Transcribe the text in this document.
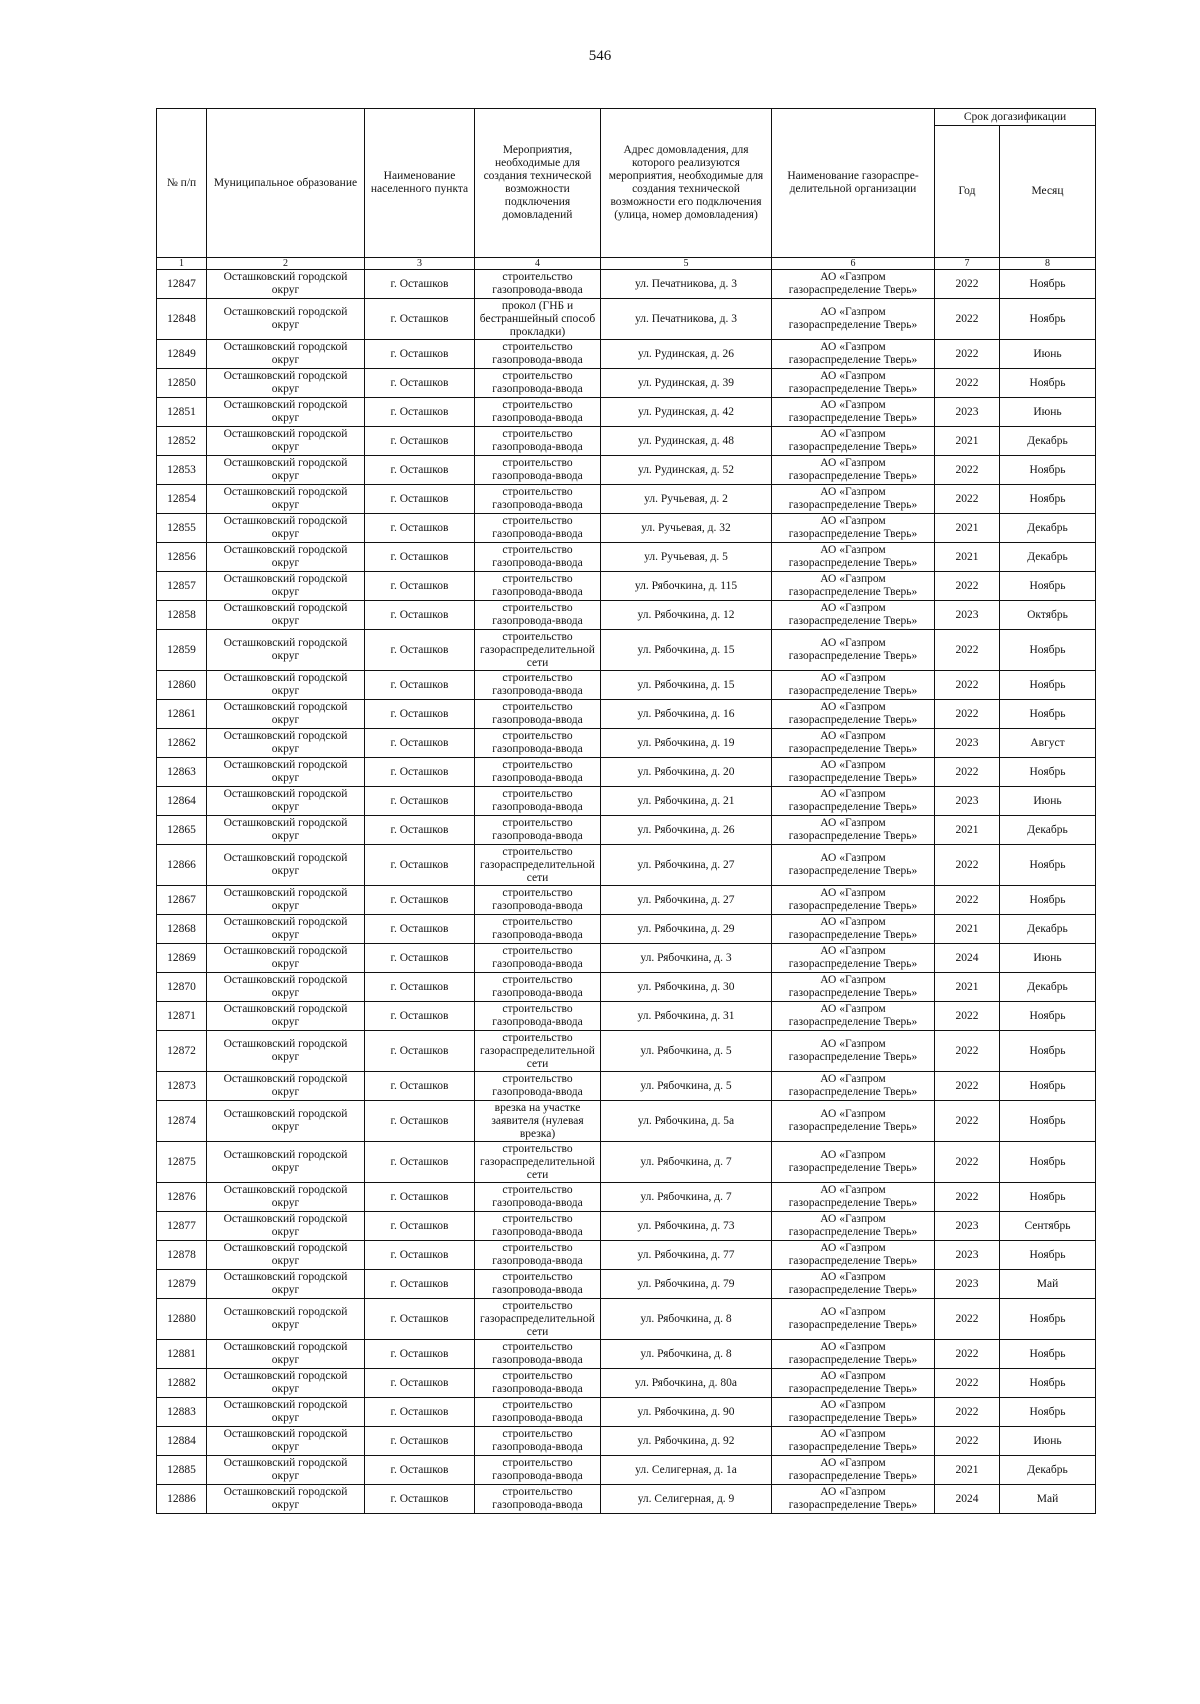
546
№ п/п	Муниципальное образование	Наименование населенного пункта	Мероприятия, необходимые для создания технической возможности подключения домовладений	Адрес домовладения, для которого реализуются мероприятия, необходимые для создания технической возможности его подключения (улица, номер домовладения)	Наименование газораспре-делительной организации	Срок догазификации	
						Год	Месяц
1	2	3	4	5	6	7	8
12847	Осташковский городской округ	г. Осташков	строительство газопровода-ввода	ул. Печатникова, д. 3	АО «Газпром газораспределение Тверь»	2022	Ноябрь
12848	Осташковский городской округ	г. Осташков	прокол (ГНБ и бестраншейный способ прокладки)	ул. Печатникова, д. 3	АО «Газпром газораспределение Тверь»	2022	Ноябрь
12849	Осташковский городской округ	г. Осташков	строительство газопровода-ввода	ул. Рудинская, д. 26	АО «Газпром газораспределение Тверь»	2022	Июнь
12850	Осташковский городской округ	г. Осташков	строительство газопровода-ввода	ул. Рудинская, д. 39	АО «Газпром газораспределение Тверь»	2022	Ноябрь
12851	Осташковский городской округ	г. Осташков	строительство газопровода-ввода	ул. Рудинская, д. 42	АО «Газпром газораспределение Тверь»	2023	Июнь
12852	Осташковский городской округ	г. Осташков	строительство газопровода-ввода	ул. Рудинская, д. 48	АО «Газпром газораспределение Тверь»	2021	Декабрь
12853	Осташковский городской округ	г. Осташков	строительство газопровода-ввода	ул. Рудинская, д. 52	АО «Газпром газораспределение Тверь»	2022	Ноябрь
12854	Осташковский городской округ	г. Осташков	строительство газопровода-ввода	ул. Ручьевая, д. 2	АО «Газпром газораспределение Тверь»	2022	Ноябрь
12855	Осташковский городской округ	г. Осташков	строительство газопровода-ввода	ул. Ручьевая, д. 32	АО «Газпром газораспределение Тверь»	2021	Декабрь
12856	Осташковский городской округ	г. Осташков	строительство газопровода-ввода	ул. Ручьевая, д. 5	АО «Газпром газораспределение Тверь»	2021	Декабрь
12857	Осташковский городской округ	г. Осташков	строительство газопровода-ввода	ул. Рябочкина, д. 115	АО «Газпром газораспределение Тверь»	2022	Ноябрь
12858	Осташковский городской округ	г. Осташков	строительство газопровода-ввода	ул. Рябочкина, д. 12	АО «Газпром газораспределение Тверь»	2023	Октябрь
12859	Осташковский городской округ	г. Осташков	строительство газораспределительной сети	ул. Рябочкина, д. 15	АО «Газпром газораспределение Тверь»	2022	Ноябрь
12860	Осташковский городской округ	г. Осташков	строительство газопровода-ввода	ул. Рябочкина, д. 15	АО «Газпром газораспределение Тверь»	2022	Ноябрь
12861	Осташковский городской округ	г. Осташков	строительство газопровода-ввода	ул. Рябочкина, д. 16	АО «Газпром газораспределение Тверь»	2022	Ноябрь
12862	Осташковский городской округ	г. Осташков	строительство газопровода-ввода	ул. Рябочкина, д. 19	АО «Газпром газораспределение Тверь»	2023	Август
12863	Осташковский городской округ	г. Осташков	строительство газопровода-ввода	ул. Рябочкина, д. 20	АО «Газпром газораспределение Тверь»	2022	Ноябрь
12864	Осташковский городской округ	г. Осташков	строительство газопровода-ввода	ул. Рябочкина, д. 21	АО «Газпром газораспределение Тверь»	2023	Июнь
12865	Осташковский городской округ	г. Осташков	строительство газопровода-ввода	ул. Рябочкина, д. 26	АО «Газпром газораспределение Тверь»	2021	Декабрь
12866	Осташковский городской округ	г. Осташков	строительство газораспределительной сети	ул. Рябочкина, д. 27	АО «Газпром газораспределение Тверь»	2022	Ноябрь
12867	Осташковский городской округ	г. Осташков	строительство газопровода-ввода	ул. Рябочкина, д. 27	АО «Газпром газораспределение Тверь»	2022	Ноябрь
12868	Осташковский городской округ	г. Осташков	строительство газопровода-ввода	ул. Рябочкина, д. 29	АО «Газпром газораспределение Тверь»	2021	Декабрь
12869	Осташковский городской округ	г. Осташков	строительство газопровода-ввода	ул. Рябочкина, д. 3	АО «Газпром газораспределение Тверь»	2024	Июнь
12870	Осташковский городской округ	г. Осташков	строительство газопровода-ввода	ул. Рябочкина, д. 30	АО «Газпром газораспределение Тверь»	2021	Декабрь
12871	Осташковский городской округ	г. Осташков	строительство газопровода-ввода	ул. Рябочкина, д. 31	АО «Газпром газораспределение Тверь»	2022	Ноябрь
12872	Осташковский городской округ	г. Осташков	строительство газораспределительной сети	ул. Рябочкина, д. 5	АО «Газпром газораспределение Тверь»	2022	Ноябрь
12873	Осташковский городской округ	г. Осташков	строительство газопровода-ввода	ул. Рябочкина, д. 5	АО «Газпром газораспределение Тверь»	2022	Ноябрь
12874	Осташковский городской округ	г. Осташков	врезка на участке заявителя (нулевая врезка)	ул. Рябочкина, д. 5а	АО «Газпром газораспределение Тверь»	2022	Ноябрь
12875	Осташковский городской округ	г. Осташков	строительство газораспределительной сети	ул. Рябочкина, д. 7	АО «Газпром газораспределение Тверь»	2022	Ноябрь
12876	Осташковский городской округ	г. Осташков	строительство газопровода-ввода	ул. Рябочкина, д. 7	АО «Газпром газораспределение Тверь»	2022	Ноябрь
12877	Осташковский городской округ	г. Осташков	строительство газопровода-ввода	ул. Рябочкина, д. 73	АО «Газпром газораспределение Тверь»	2023	Сентябрь
12878	Осташковский городской округ	г. Осташков	строительство газопровода-ввода	ул. Рябочкина, д. 77	АО «Газпром газораспределение Тверь»	2023	Ноябрь
12879	Осташковский городской округ	г. Осташков	строительство газопровода-ввода	ул. Рябочкина, д. 79	АО «Газпром газораспределение Тверь»	2023	Май
12880	Осташковский городской округ	г. Осташков	строительство газораспределительной сети	ул. Рябочкина, д. 8	АО «Газпром газораспределение Тверь»	2022	Ноябрь
12881	Осташковский городской округ	г. Осташков	строительство газопровода-ввода	ул. Рябочкина, д. 8	АО «Газпром газораспределение Тверь»	2022	Ноябрь
12882	Осташковский городской округ	г. Осташков	строительство газопровода-ввода	ул. Рябочкина, д. 80а	АО «Газпром газораспределение Тверь»	2022	Ноябрь
12883	Осташковский городской округ	г. Осташков	строительство газопровода-ввода	ул. Рябочкина, д. 90	АО «Газпром газораспределение Тверь»	2022	Ноябрь
12884	Осташковский городской округ	г. Осташков	строительство газопровода-ввода	ул. Рябочкина, д. 92	АО «Газпром газораспределение Тверь»	2022	Июнь
12885	Осташковский городской округ	г. Осташков	строительство газопровода-ввода	ул. Селигерная, д. 1а	АО «Газпром газораспределение Тверь»	2021	Декабрь
12886	Осташковский городской округ	г. Осташков	строительство газопровода-ввода	ул. Селигерная, д. 9	АО «Газпром газораспределение Тверь»	2024	Май
